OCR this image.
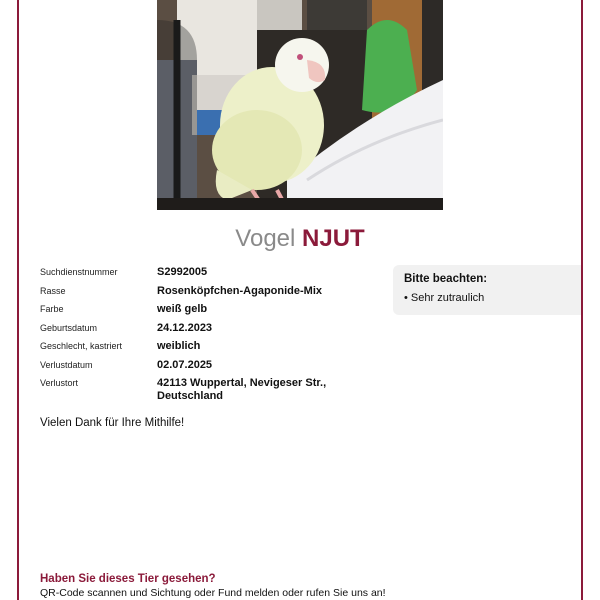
Vogel NJUT
Suchdienstnummer	S2992005
Rasse	Rosenköpfchen-Agaponide-Mix
Farbe	weiß gelb
Geburtsdatum	24.12.2023
Geschlecht, kastriert	weiblich
Verlustdatum	02.07.2025
Verlustort	42113 Wuppertal, Nevigeser Str., Deutschland
Bitte beachten:
• Sehr zutraulich
Vielen Dank für Ihre Mithilfe!
Haben Sie dieses Tier gesehen?
QR-Code scannen und Sichtung oder Fund melden oder rufen Sie uns an!
